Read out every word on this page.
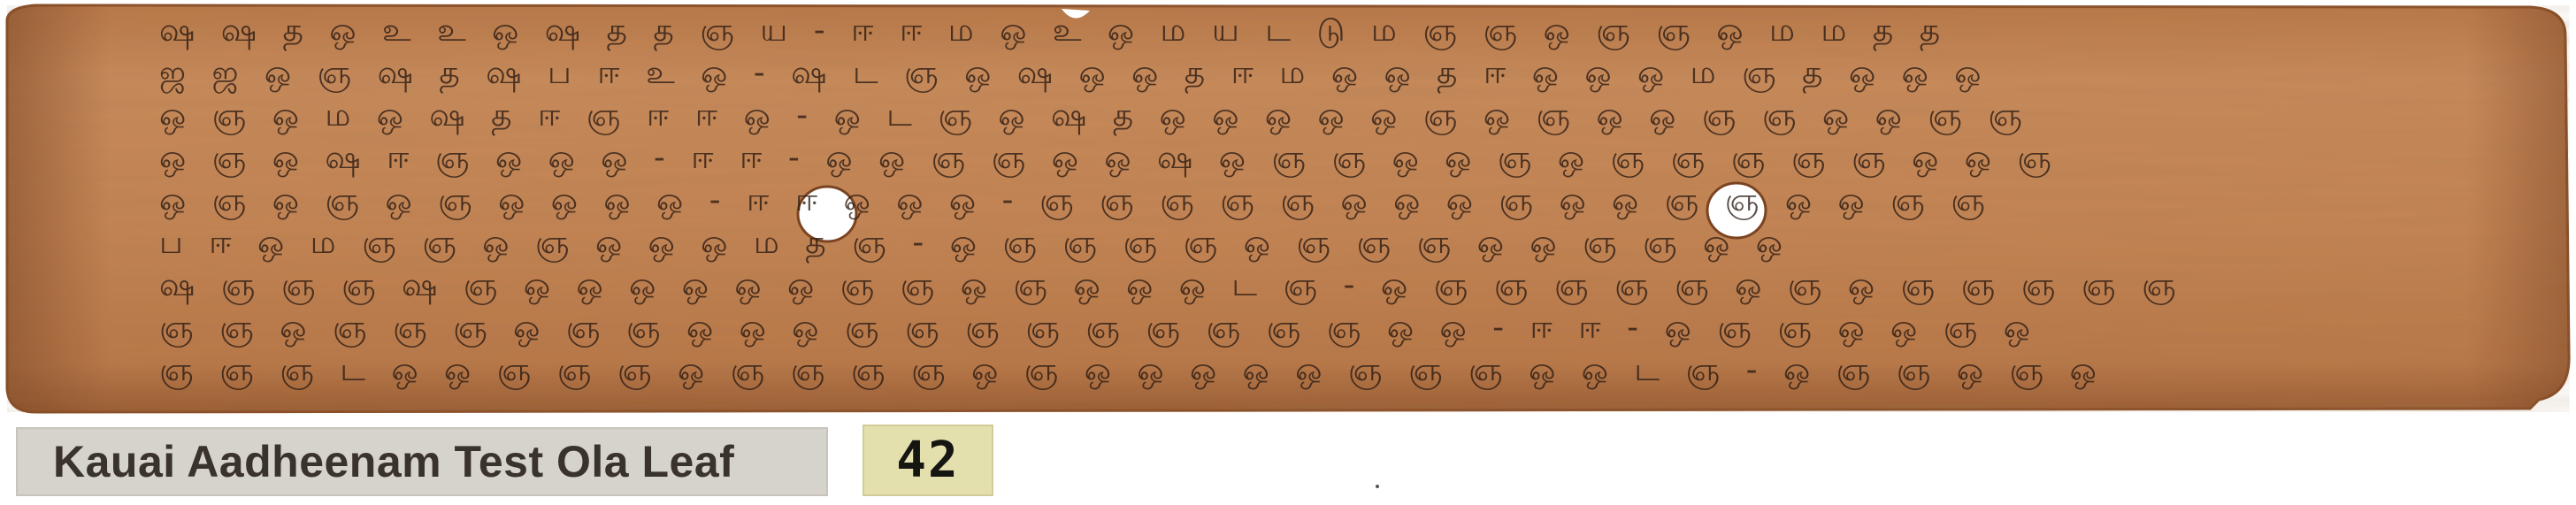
ஷ ஷ த ஒ உ உ ஒ ஷ த த ஞ ய - ஈ ஈ ம ஒ உ ஒ ம ய ட டு ம ஞ ஞ ஒ ஞ ஞ ஒ ம ம த த
ஜ ஜ ஒ ஞ ஷ த ஷ ப ஈ உ ஒ - ஷ ட ஞ ஒ ஷ ஒ ஒ த ஈ ம ஒ ஒ த ஈ ஒ ஒ ஒ ம ஞ த ஒ ஒ ஒ
ஒ ஞ ஒ ம ஒ ஷ த ஈ ஞ ஈ ஈ ஒ - ஒ ட ஞ ஒ ஷ த ஒ ஒ ஒ ஒ ஒ ஞ ஒ ஞ ஒ ஒ ஞ ஞ ஒ ஒ ஞ ஞ
ஒ ஞ ஒ ஷ ஈ ஞ ஒ ஒ ஒ - ஈ ஈ - ஒ ஒ ஞ ஞ ஒ ஒ ஷ ஒ ஞ ஞ ஒ ஒ ஞ ஒ ஞ ஞ ஞ ஞ ஞ ஒ ஒ ஞ
ஒ ஞ ஒ ஞ ஒ ஞ ஒ ஒ ஒ ஒ - ஈ ஈ ஒ ஒ ஒ - ஞ ஞ ஞ ஞ ஞ ஒ ஒ ஒ ஞ ஒ ஒ ஞ ஞ ஒ ஒ ஞ ஞ
ப ஈ ஒ ம ஞ ஞ ஒ ஞ ஒ ஒ ஒ ம த ஞ - ஒ ஞ ஞ ஞ ஞ ஒ ஞ ஞ ஞ ஒ ஒ ஞ ஞ ஒ ஒ
ஷ ஞ ஞ ஞ ஷ ஞ ஒ ஒ ஒ ஒ ஒ ஒ ஞ ஞ ஒ ஞ ஒ ஒ ஒ ட ஞ - ஒ ஞ ஞ ஞ ஞ ஞ ஒ ஞ ஒ ஞ ஞ ஞ ஞ ஞ
ஞ ஞ ஒ ஞ ஞ ஞ ஒ ஞ ஞ ஒ ஒ ஒ ஞ ஞ ஞ ஞ ஞ ஞ ஞ ஞ ஞ ஒ ஒ - ஈ ஈ - ஒ ஞ ஞ ஒ ஒ ஞ ஒ
ஞ ஞ ஞ ட ஒ ஒ ஞ ஞ ஞ ஒ ஞ ஞ ஞ ஞ ஒ ஞ ஒ ஒ ஒ ஒ ஒ ஞ ஞ ஞ ஒ ஒ ட ஞ - ஒ ஞ ஞ ஒ ஞ ஒ
Kauai Aadheenam Test Ola Leaf	42
